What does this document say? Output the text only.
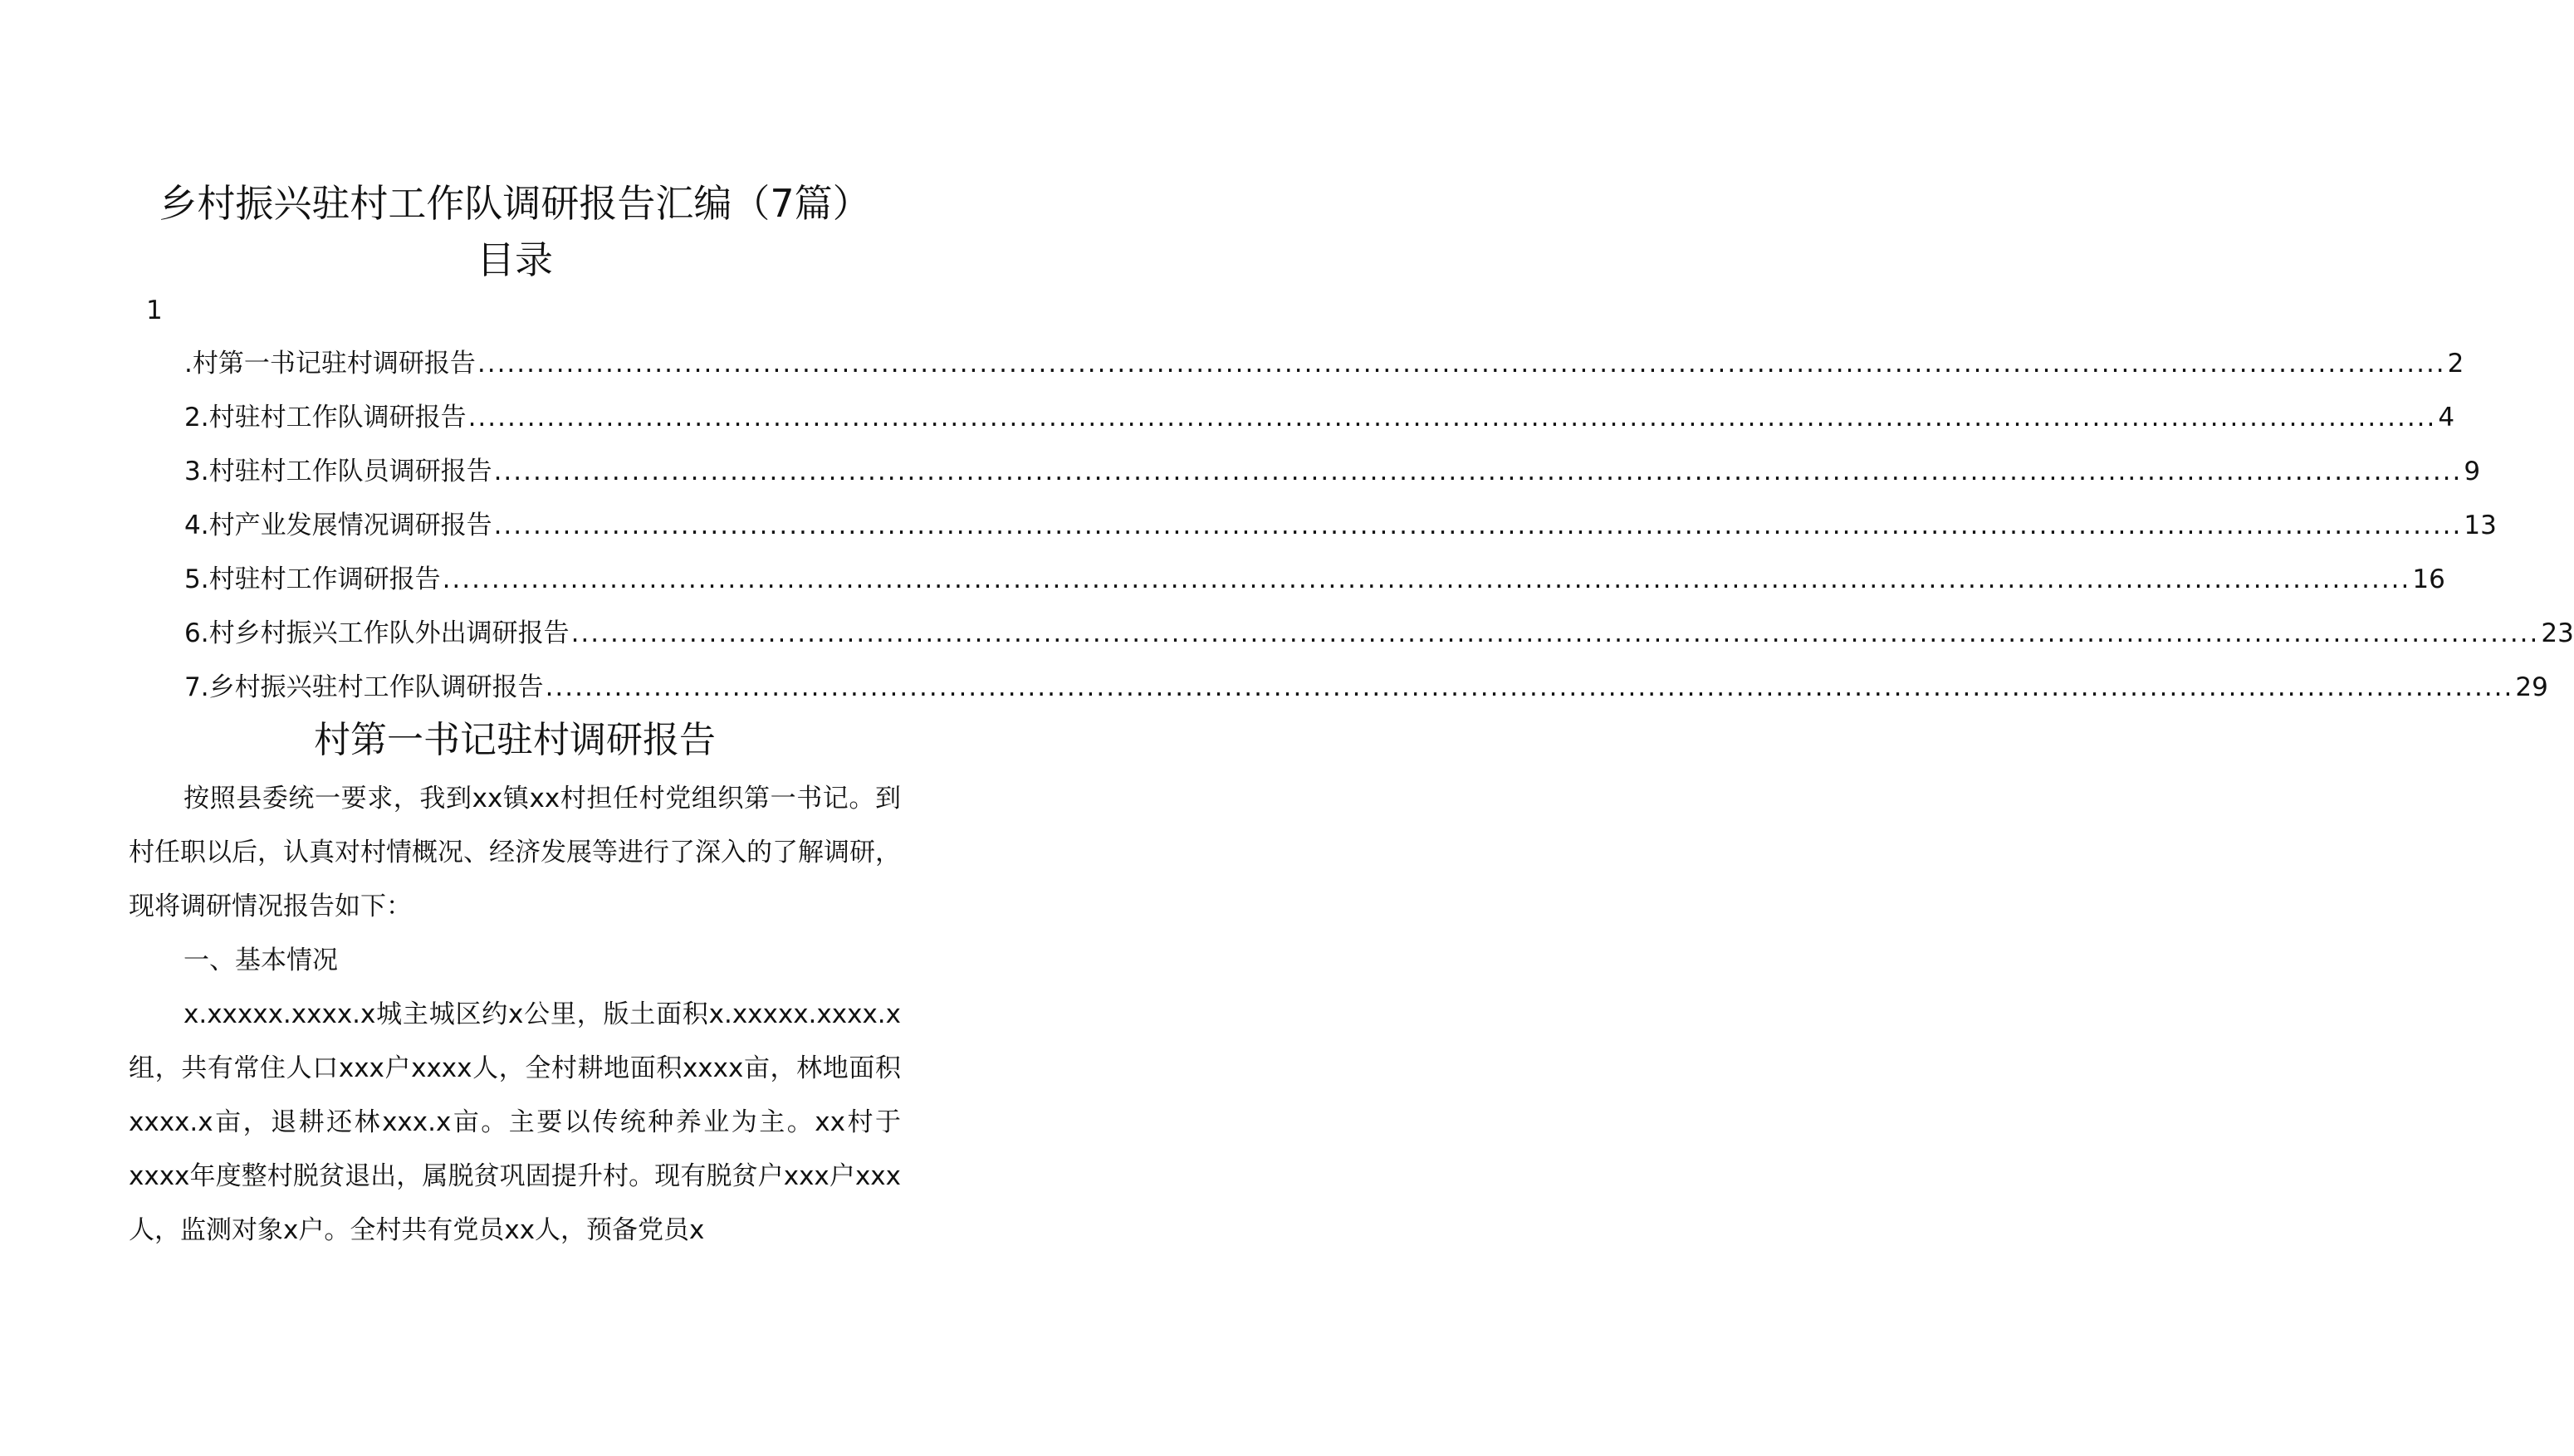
乡村振兴驻村工作队调研报告汇编（7篇）
目录
1
.村第一书记驻村调研报告 ........................................................................................................................................................................................................ 2
2.村驻村工作队调研报告 ........................................................................................................................................................................................................ 4
3.村驻村工作队员调研报告 ........................................................................................................................................................................................................ 9
4.村产业发展情况调研报告 ........................................................................................................................................................................................................ 13
5.村驻村工作调研报告 ........................................................................................................................................................................................................ 16
6.村乡村振兴工作队外出调研报告 ........................................................................................................................................................................................................ 23
7.乡村振兴驻村工作队调研报告 ........................................................................................................................................................................................................ 29
村第一书记驻村调研报告

按照县委统一要求，我到xx镇xx村担任村党组织第一书记。到村任职以后，认真对村情概况、经济发展等进行了深入的了解调研，现将调研情况报告如下：

一、基本情况

x.xxxxx.xxxx.x城主城区约x公里，版土面积x.xxxxx.xxxx.x组，共有常住人口xxx户xxxx人，全村耕地面积xxxx亩，林地面积xxxx.x亩，退耕还林xxx.x亩。主要以传统种养业为主。xx村于xxxx年度整村脱贫退出，属脱贫巩固提升村。现有脱贫户xxx户xxx人，监测对象x户。全村共有党员xx人，预备党员x
